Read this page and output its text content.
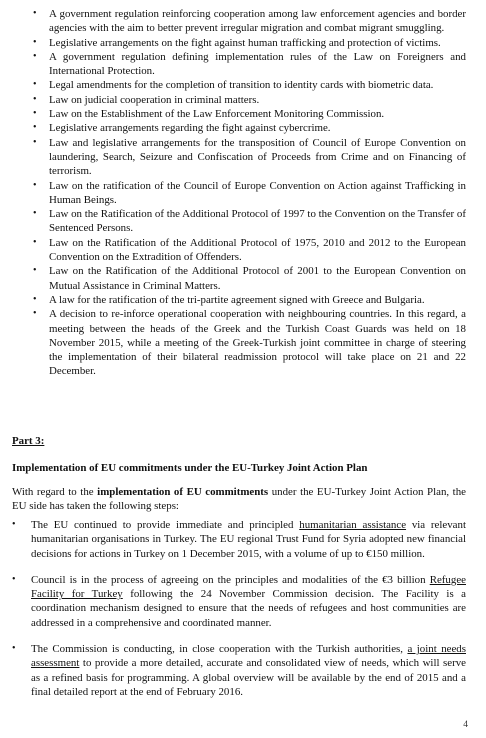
• A government regulation reinforcing cooperation among law enforcement agencies and border agencies with the aim to better prevent irregular migration and combat migrant smuggling.
• Legislative arrangements on the fight against human trafficking and protection of victims.
• A government regulation defining implementation rules of the Law on Foreigners and International Protection.
• Legal amendments for the completion of transition to identity cards with biometric data.
• Law on judicial cooperation in criminal matters.
• Law on the Establishment of the Law Enforcement Monitoring Commission.
• Legislative arrangements regarding the fight against cybercrime.
• Law and legislative arrangements for the transposition of Council of Europe Convention on laundering, Search, Seizure and Confiscation of Proceeds from Crime and on Financing of terrorism.
• Law on the ratification of the Council of Europe Convention on Action against Trafficking in Human Beings.
• Law on the Ratification of the Additional Protocol of 1997 to the Convention on the Transfer of Sentenced Persons.
• Law on the Ratification of the Additional Protocol of 1975, 2010 and 2012 to the European Convention on the Extradition of Offenders.
• Law on the Ratification of the Additional Protocol of 2001 to the European Convention on Mutual Assistance in Criminal Matters.
• A law for the ratification of the tri-partite agreement signed with Greece and Bulgaria.
• A decision to re-inforce operational cooperation with neighbouring countries. In this regard, a meeting between the heads of the Greek and the Turkish Coast Guards was held on 18 November 2015, while a meeting of the Greek-Turkish joint committee in charge of steering the implementation of their bilateral readmission protocol will take place on 21 and 22 December.
Part 3:
Implementation of EU commitments under the EU-Turkey Joint Action Plan
With regard to the implementation of EU commitments under the EU-Turkey Joint Action Plan, the EU side has taken the following steps:
• The EU continued to provide immediate and principled humanitarian assistance via relevant humanitarian organisations in Turkey. The EU regional Trust Fund for Syria adopted new financial decisions for actions in Turkey on 1 December 2015, with a volume of up to €150 million.
• Council is in the process of agreeing on the principles and modalities of the €3 billion Refugee Facility for Turkey following the 24 November Commission decision. The Facility is a coordination mechanism designed to ensure that the needs of refugees and host communities are addressed in a comprehensive and coordinated manner.
• The Commission is conducting, in close cooperation with the Turkish authorities, a joint needs assessment to provide a more detailed, accurate and consolidated view of needs, which will serve as a refined basis for programming. A global overview will be available by the end of 2015 and a final detailed report at the end of February 2016.
4
